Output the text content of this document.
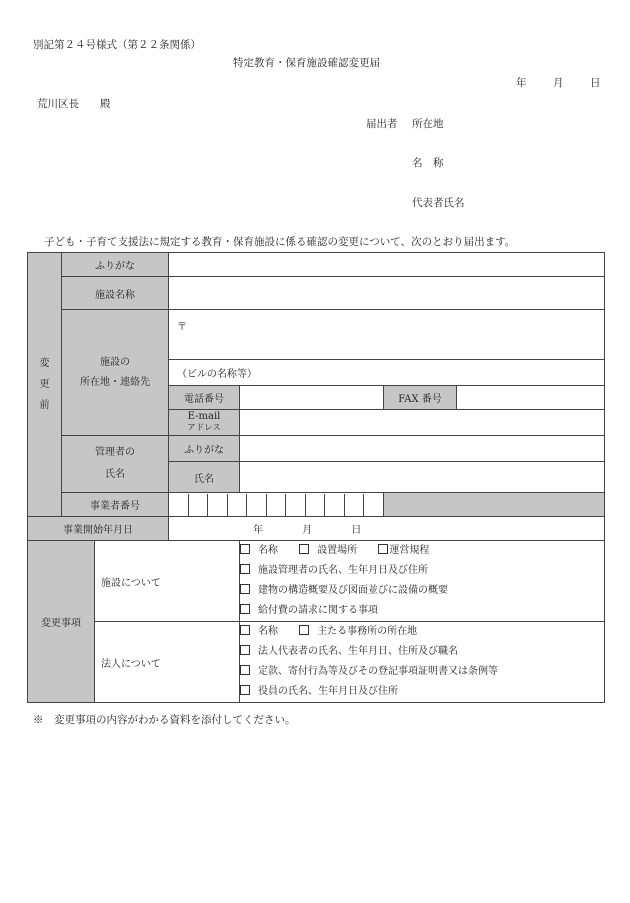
別記第２４号様式（第２２条関係）
特定教育・保育施設確認変更届
年	月	日
荒川区長　　殿
届出者 所在地
名　称
代表者氏名
子ども・子育て支援法に規定する教育・保育施設に係る確認の変更について、次のとおり届出ます。
変
更
前	ふりがな					
	施設名称					
	施設の
所在地・連絡先		〒			
			（ビルの名称等）			
			電話番号		FAX 番号	
			E-mail
アドレス			
	管理者の
氏名		ふりがな			
			氏名			
	事業者番号				

事業開始年月日			年 月 日			
変更事項		施設について		名称 設置場所 運営規程
施設管理者の氏名、生年月日及び住所
建物の構造概要及び図面並びに設備の概要
給付費の請求に関する事項		

		法人について		名称 主たる事務所の所在地
法人代表者の氏名、生年月日、住所及び職名
定款、寄付行為等及びその登記事項証明書又は条例等
役員の氏名、生年月日及び住所		
※　変更事項の内容がわかる資料を添付してください。
